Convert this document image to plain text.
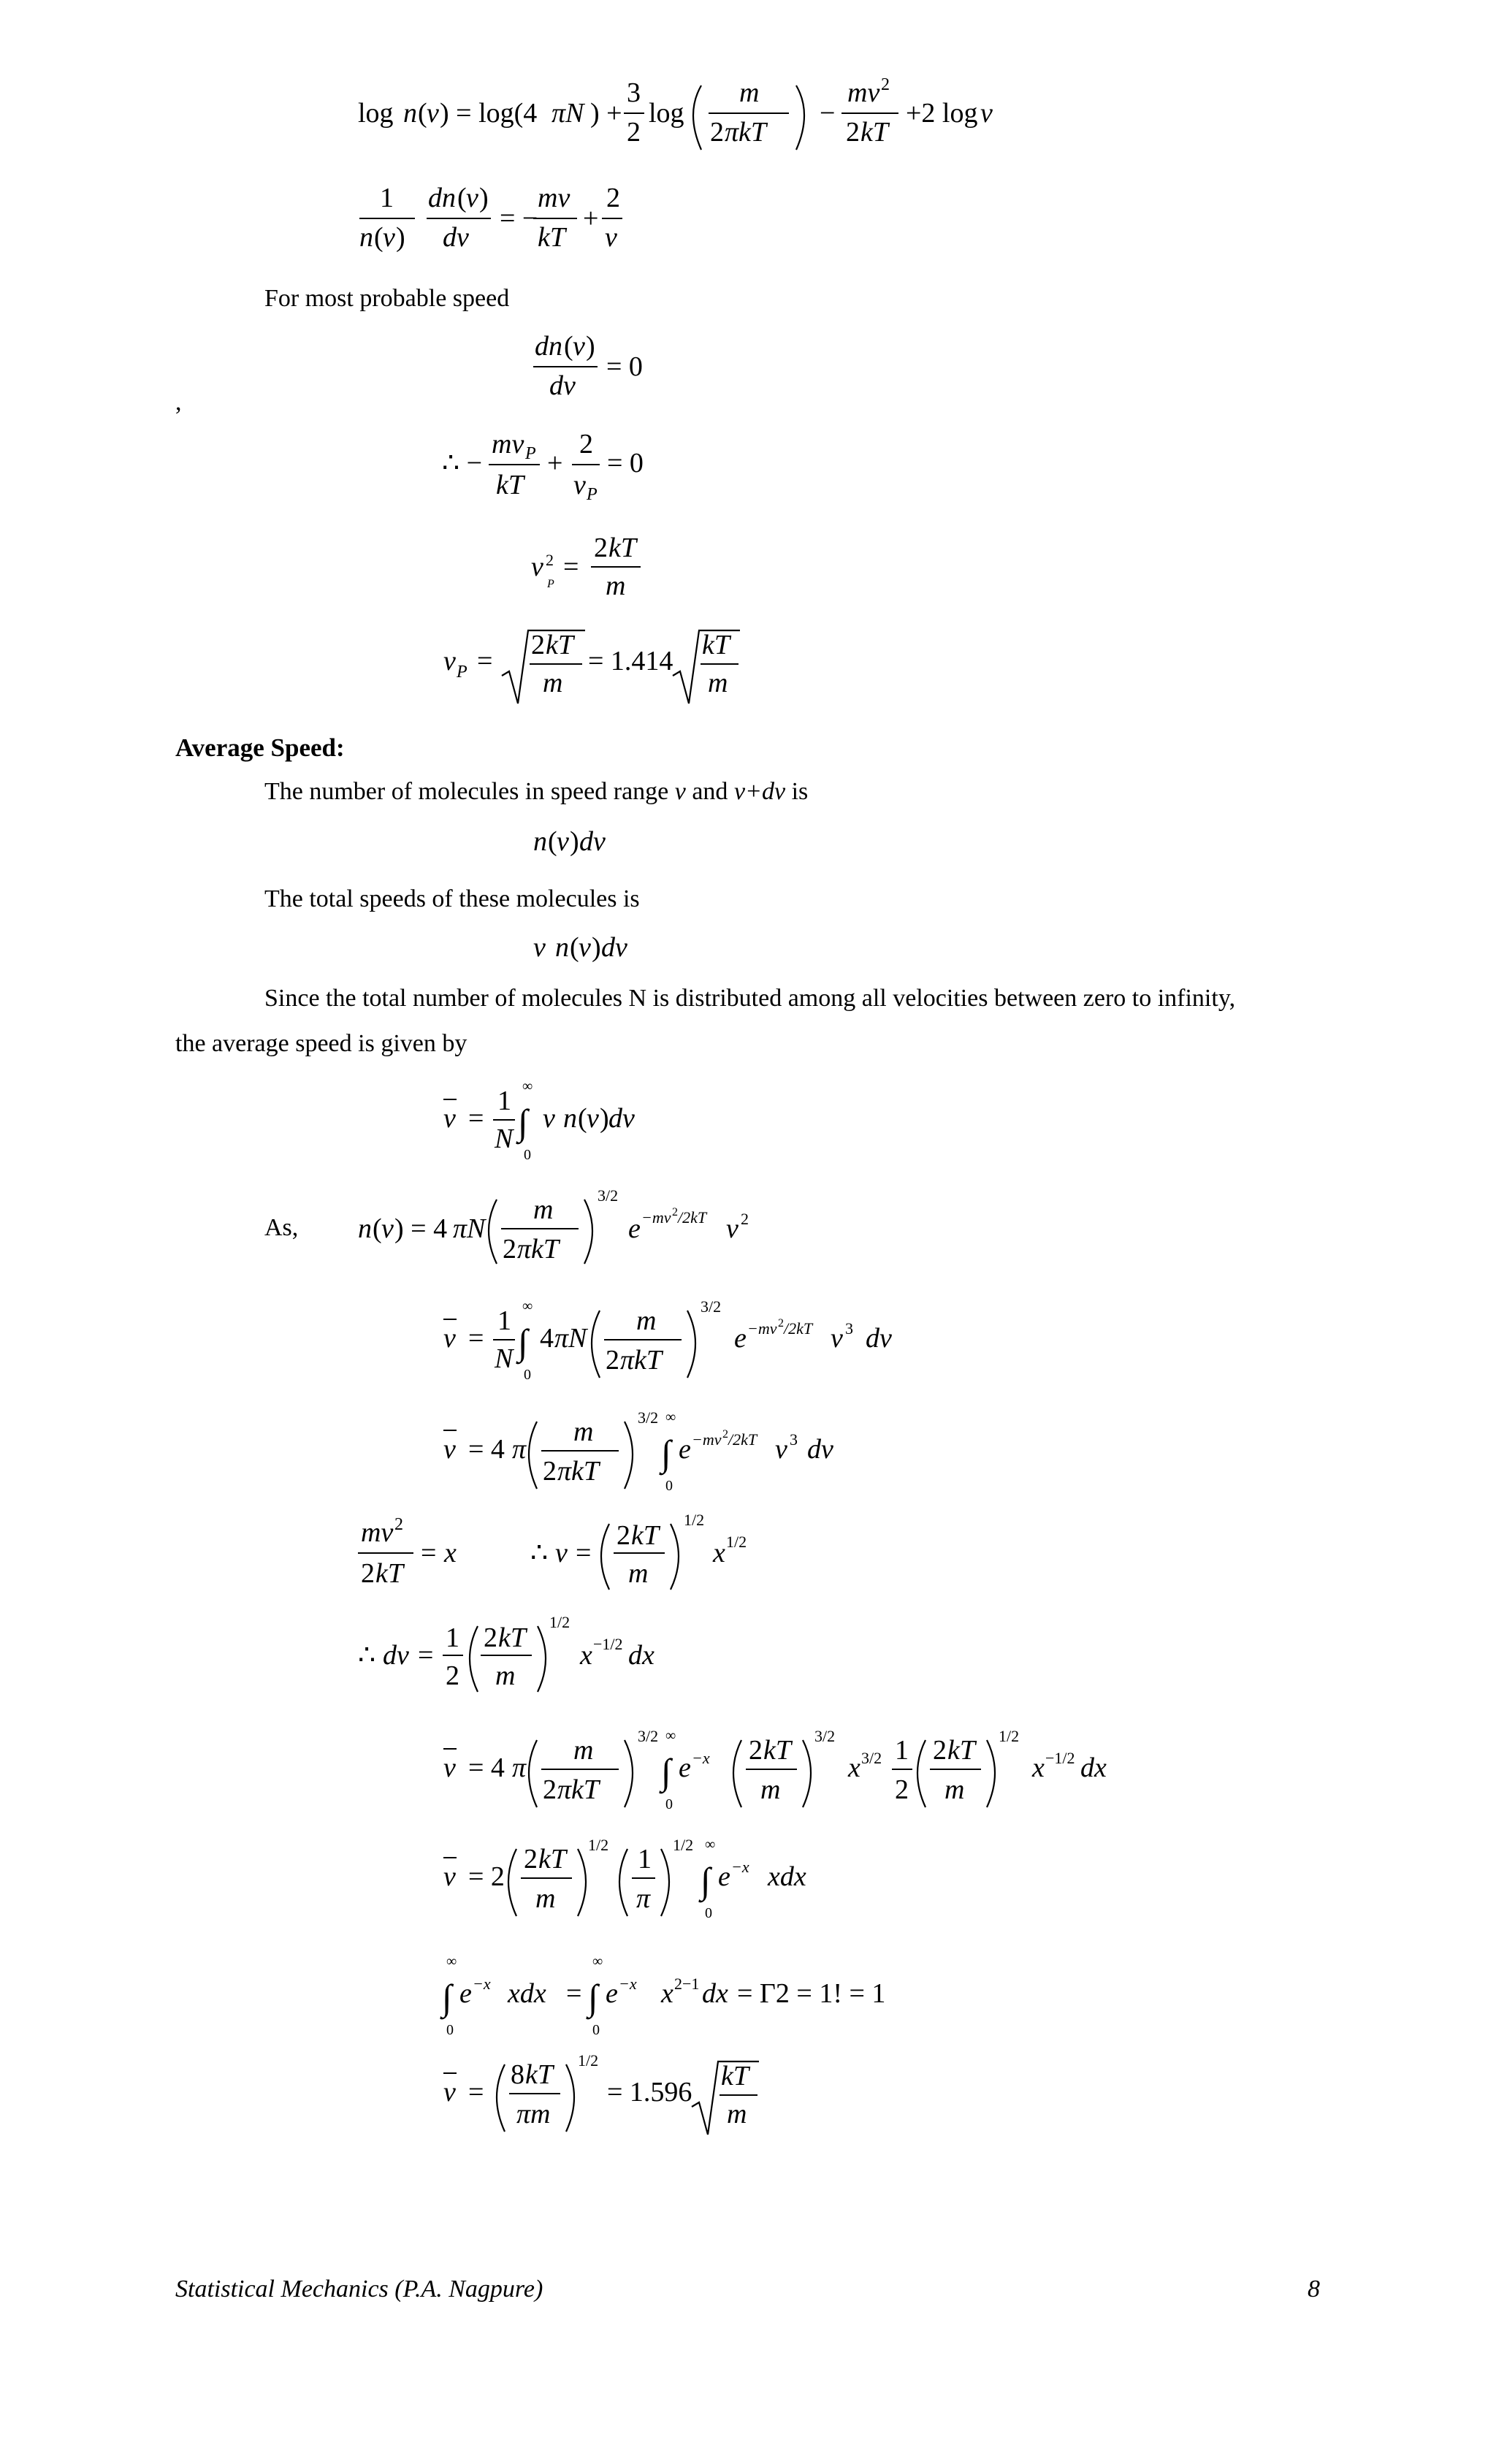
log n ( v ) = log(4 πN ) +
3
2
log
m
2 πkT
−
mv 2
2 kT
+2 log v
1
n ( v )
dn ( v )
dv
= −
mv
kT
+
2
v
For most probable speed
dn ( v )
dv
= 0
,
∴ −
mv P
kT
+
2
v P
= 0
v 2
P
=
2 kT
m
v P =
2 kT
m
= 1.414
kT
m
Average Speed:
The number of molecules in speed range v and v+dv is
n ( v ) dv
The total speeds of these molecules is
v n ( v ) dv
Since the total number of molecules N is distributed among all velocities between zero to infinity,
the average speed is given by
v =
1
N
∞
∫
0
v n ( v ) dv
As, n ( v ) = 4 πN
m
2 πkT
3/2
e −mv 2 /2kT v 2
v =
1
N
∞
∫
0
4 πN
m
2 πkT
3/2
e −mv 2 /2kT v 3 dv
v = 4 π
m
2 πkT
3/2 ∞
∫
0
e −mv 2 /2kT v 3 dv
mv 2
2 kT
= x	∴ v =
2 kT
m
1/2
x 1/2
∴ dv =
1
2
2 kT
m
1/2
x −1/2 dx
v = 4 π
m
2 πkT
3/2 ∞
∫
0
e −x 2 kT
m
3/2
x 3/2 1
2
2 kT
m
1/2
x −1/2 dx
v = 2
2 kT
m
1/2 1
π
1/2 ∞
∫
0
e −x xdx
∞
∫
0
e −x xdx =
∞
∫
0
e −x x 2−1 dx = Γ2 = 1! = 1
v =
8 kT
πm
1/2
= 1.596
kT
m
Statistical Mechanics (P.A. Nagpure)	8
